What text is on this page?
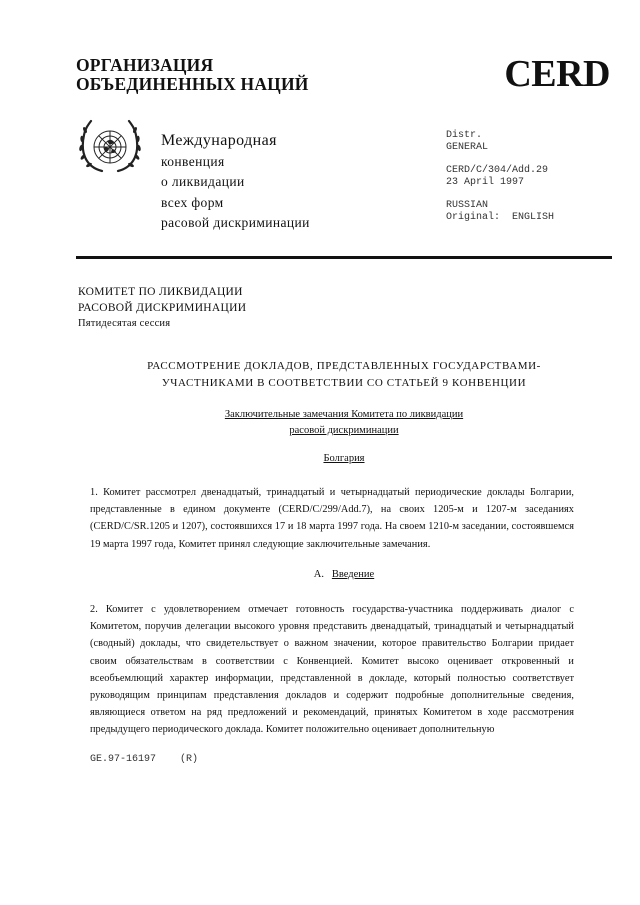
ОРГАНИЗАЦИЯ
ОБЪЕДИНЕННЫХ НАЦИЙ	CERD
Международная
конвенция
о ликвидации
всех форм
расовой дискриминации
Distr.
GENERAL
CERD/C/304/Add.29
23 April 1997
RUSSIAN
Original:  ENGLISH
КОМИТЕТ ПО ЛИКВИДАЦИИ
РАСОВОЙ ДИСКРИМИНАЦИИ
Пятидесятая сессия
РАССМОТРЕНИЕ ДОКЛАДОВ, ПРЕДСТАВЛЕННЫХ ГОСУДАРСТВАМИ-
УЧАСТНИКАМИ В СООТВЕТСТВИИ СО СТАТЬЕЙ 9 КОНВЕНЦИИ
Заключительные замечания Комитета по ликвидации
расовой дискриминации
Болгария
1. Комитет рассмотрел двенадцатый, тринадцатый и четырнадцатый периодические доклады Болгарии, представленные в едином документе (CERD/C/299/Add.7), на своих 1205-м и 1207-м заседаниях (CERD/C/SR.1205 и 1207), состоявшихся 17 и 18 марта 1997 года. На своем 1210-м заседании, состоявшемся 19 марта 1997 года, Комитет принял следующие заключительные замечания.
A. Введение
2. Комитет с удовлетворением отмечает готовность государства-участника поддерживать диалог с Комитетом, поручив делегации высокого уровня представить двенадцатый, тринадцатый и четырнадцатый (сводный) доклады, что свидетельствует о важном значении, которое правительство Болгарии придает своим обязательствам в соответствии с Конвенцией. Комитет высоко оценивает откровенный и всеобъемлющий характер информации, представленной в докладе, который полностью соответствует руководящим принципам представления докладов и содержит подробные дополнительные сведения, являющиеся ответом на ряд предложений и рекомендаций, принятых Комитетом в ходе рассмотрения предыдущего периодического доклада. Комитет положительно оценивает дополнительную
GE.97-16197    (R)
